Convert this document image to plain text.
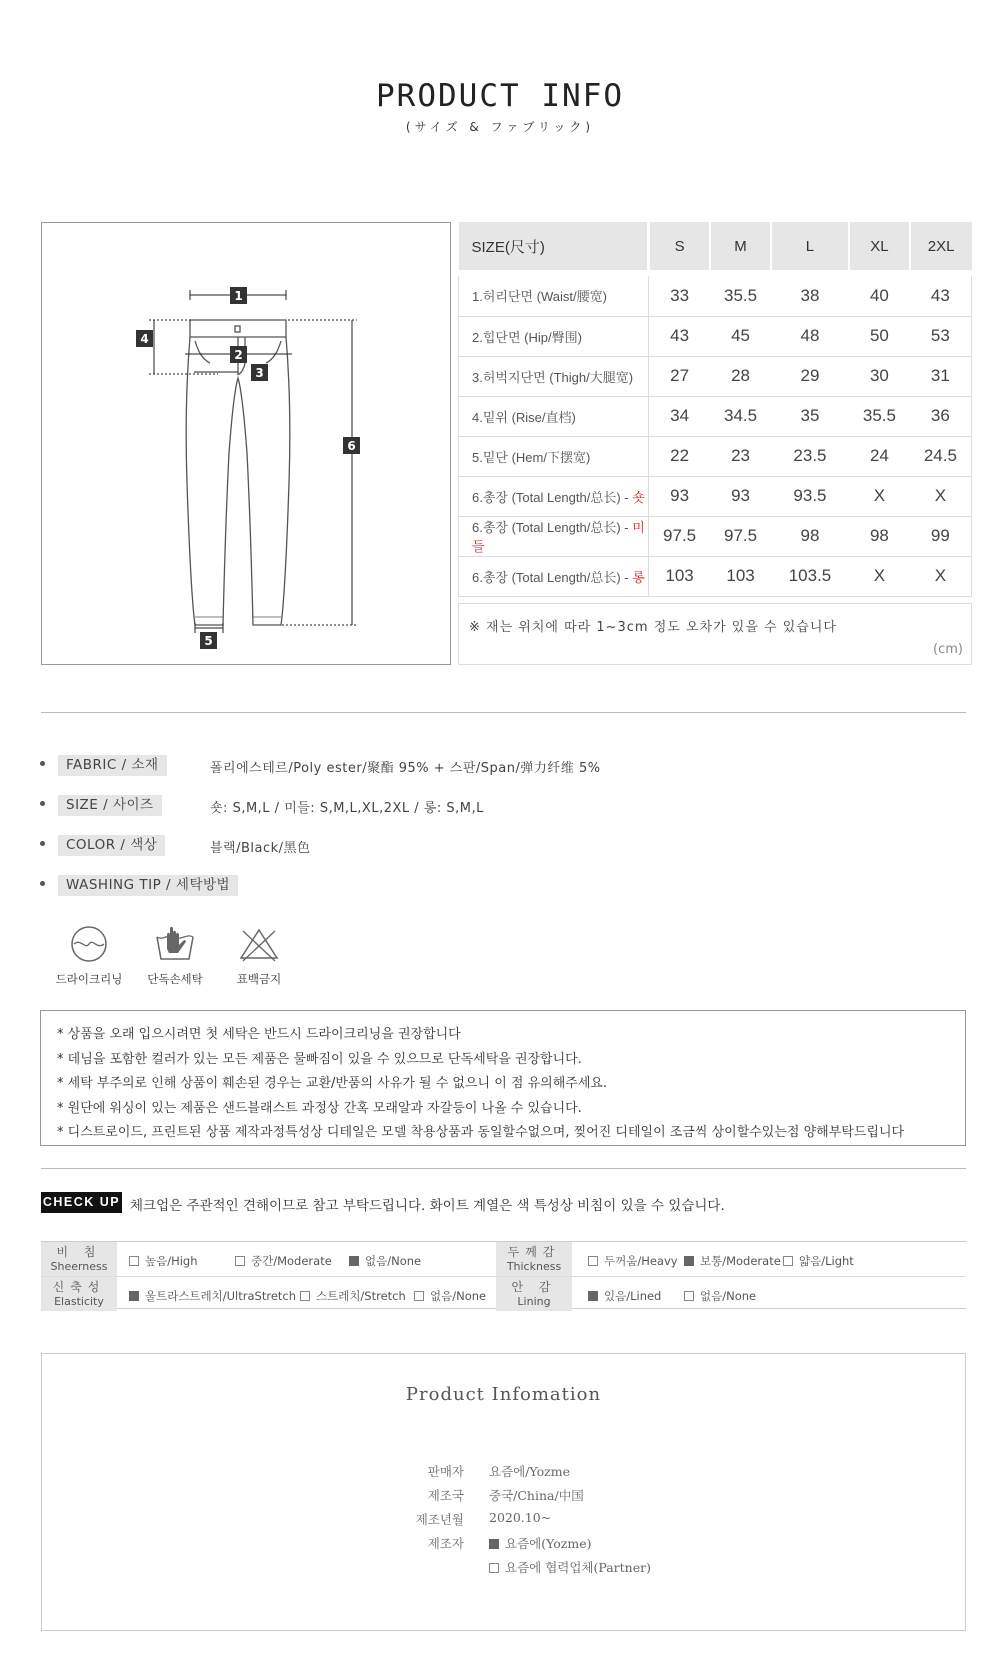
PRODUCT INFO
(サイズ & ファブリック)
1
2
3
4
5
6
SIZE(尺寸)	S	M	L	XL	2XL

1.허리단면 (Waist/腰宽)	33	35.5	38	40	43
2.힙단면 (Hip/臀围)	43	45	48	50	53
3.허벅지단면 (Thigh/大腿宽)	27	28	29	30	31
4.밑위 (Rise/直档)	34	34.5	35	35.5	36
5.밑단 (Hem/下摆宽)	22	23	23.5	24	24.5
6.총장 (Total Length/总长) - 숏	93	93	93.5	X	X
6.총장 (Total Length/总长) - 미들	97.5	97.5	98	98	99
6.총장 (Total Length/总长) - 롱	103	103	103.5	X	X
※ 재는 위치에 따라 1~3cm 정도 오차가 있을 수 있습니다
(cm)
FABRIC / 소재	폴리에스테르/Poly ester/聚酯 95% + 스판/Span/弹力纤维 5%
SIZE / 사이즈	숏: S,M,L / 미들: S,M,L,XL,2XL / 롱: S,M,L
COLOR / 색상	블랙/Black/黑色
WASHING TIP / 세탁방법
드라이크리닝	단독손세탁	표백금지
* 상품을 오래 입으시려면 첫 세탁은 반드시 드라이크리닝을 권장합니다
* 데님을 포함한 컬러가 있는 모든 제품은 물빠짐이 있을 수 있으므로 단독세탁을 권장합니다.
* 세탁 부주의로 인해 상품이 훼손된 경우는 교환/반품의 사유가 될 수 없으니 이 점 유의해주세요.
* 원단에 워싱이 있는 제품은 샌드블래스트 과정상 간혹 모래알과 자갈등이 나올 수 있습니다.
* 디스트로이드, 프린트된 상품 제작과정특성상 디테일은 모델 착용상품과 동일할수없으며, 찢어진 디테일이 조금씩 상이할수있는점 양해부탁드립니다
CHECK UP 체크업은 주관적인 견해이므로 참고 부탁드립니다. 화이트 계열은 색 특성상 비침이 있을 수 있습니다.
비 침
Sheerness	높음/High	중간/Moderate	없음/None
두께감
Thickness	두꺼움/Heavy	보통/Moderate	얇음/Light
신축성
Elasticity	울트라스트레치/UltraStretch	스트레치/Stretch	없음/None
안 감
Lining	있음/Lined	없음/None
Product Infomation
판매자 요즘에/Yozme
제조국 중국/China/中国
제조년월 2020.10~
제조자	요즘에(Yozme)
요즘에 협력업체(Partner)
